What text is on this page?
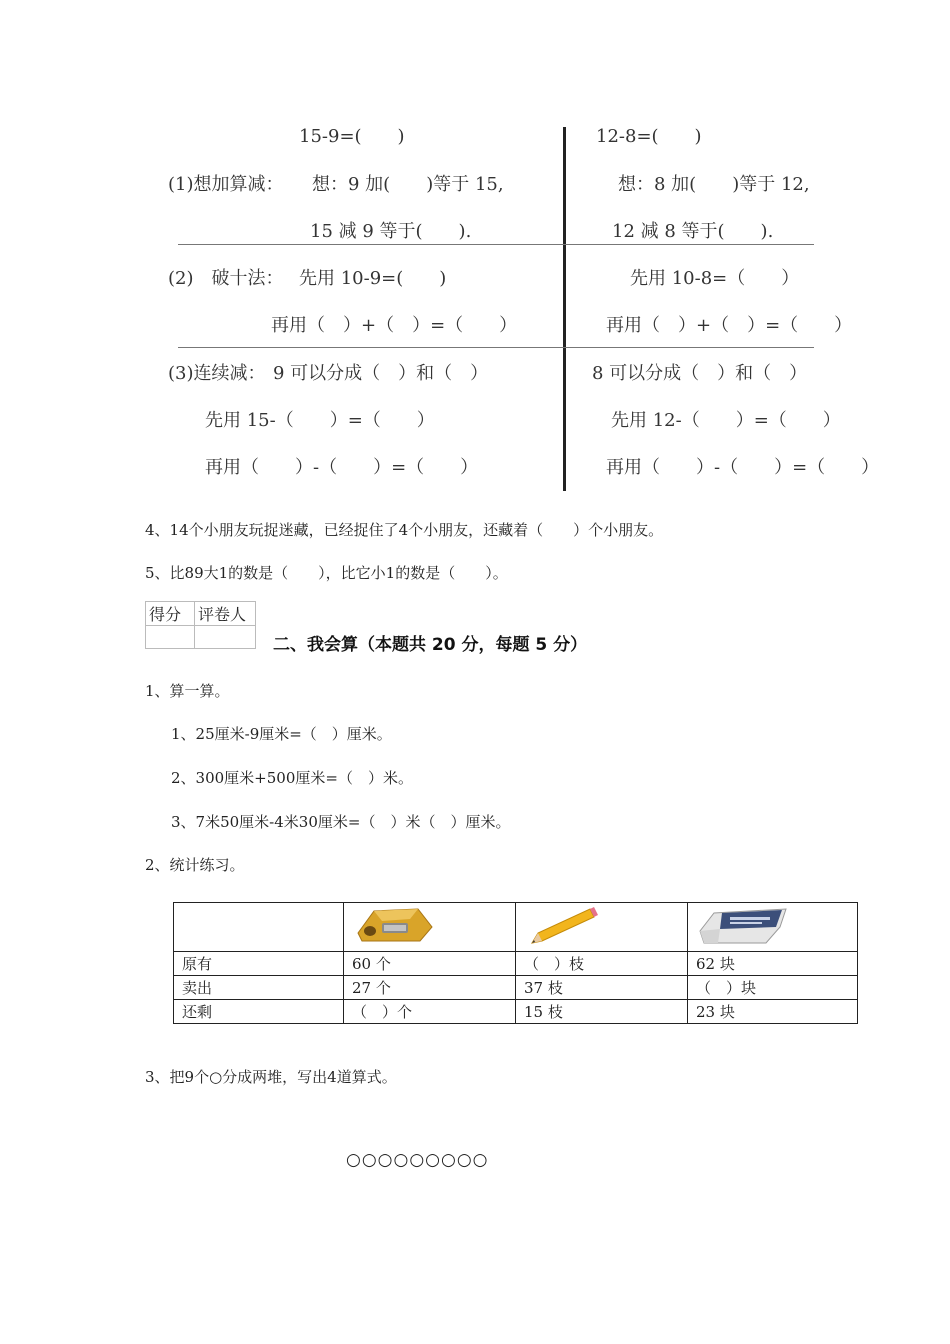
15-9=(　　)
(1)想加算减： 想：9 加(　　)等于 15,
15 减 9 等于(　　).
(2)　破十法： 先用 10-9=(　　)
再用（　）+（　）=（　　）
(3)连续减： 9 可以分成（　）和（　）
先用 15-（　　）=（　　）
再用（　　）-（　　）=（　　）
12-8=(　　)
想：8 加(　　)等于 12,
12 减 8 等于(　　).
先用 10-8=（　　）
再用（　）+（　）=（　　）
8 可以分成（　）和（　）
先用 12-（　　）=（　　）
再用（　　）-（　　）=（　　）
4、14个小朋友玩捉迷藏，已经捉住了4个小朋友，还藏着（　　）个小朋友。
5、比89大1的数是（　　），比它小1的数是（　　）。
得分	评卷人

二、我会算（本题共 20 分，每题 5 分）
1、算一算。
1、25厘米-9厘米=（　）厘米。
2、300厘米+500厘米=（　）米。
3、7米50厘米-4米30厘米=（　）米（　）厘米。
2、统计练习。

原有	60 个	（　）枝	62 块
卖出	27 个	37 枝	（　）块
还剩	（　）个	15 枝	23 块
3、把9个○分成两堆，写出4道算式。
○○○○○○○○○
